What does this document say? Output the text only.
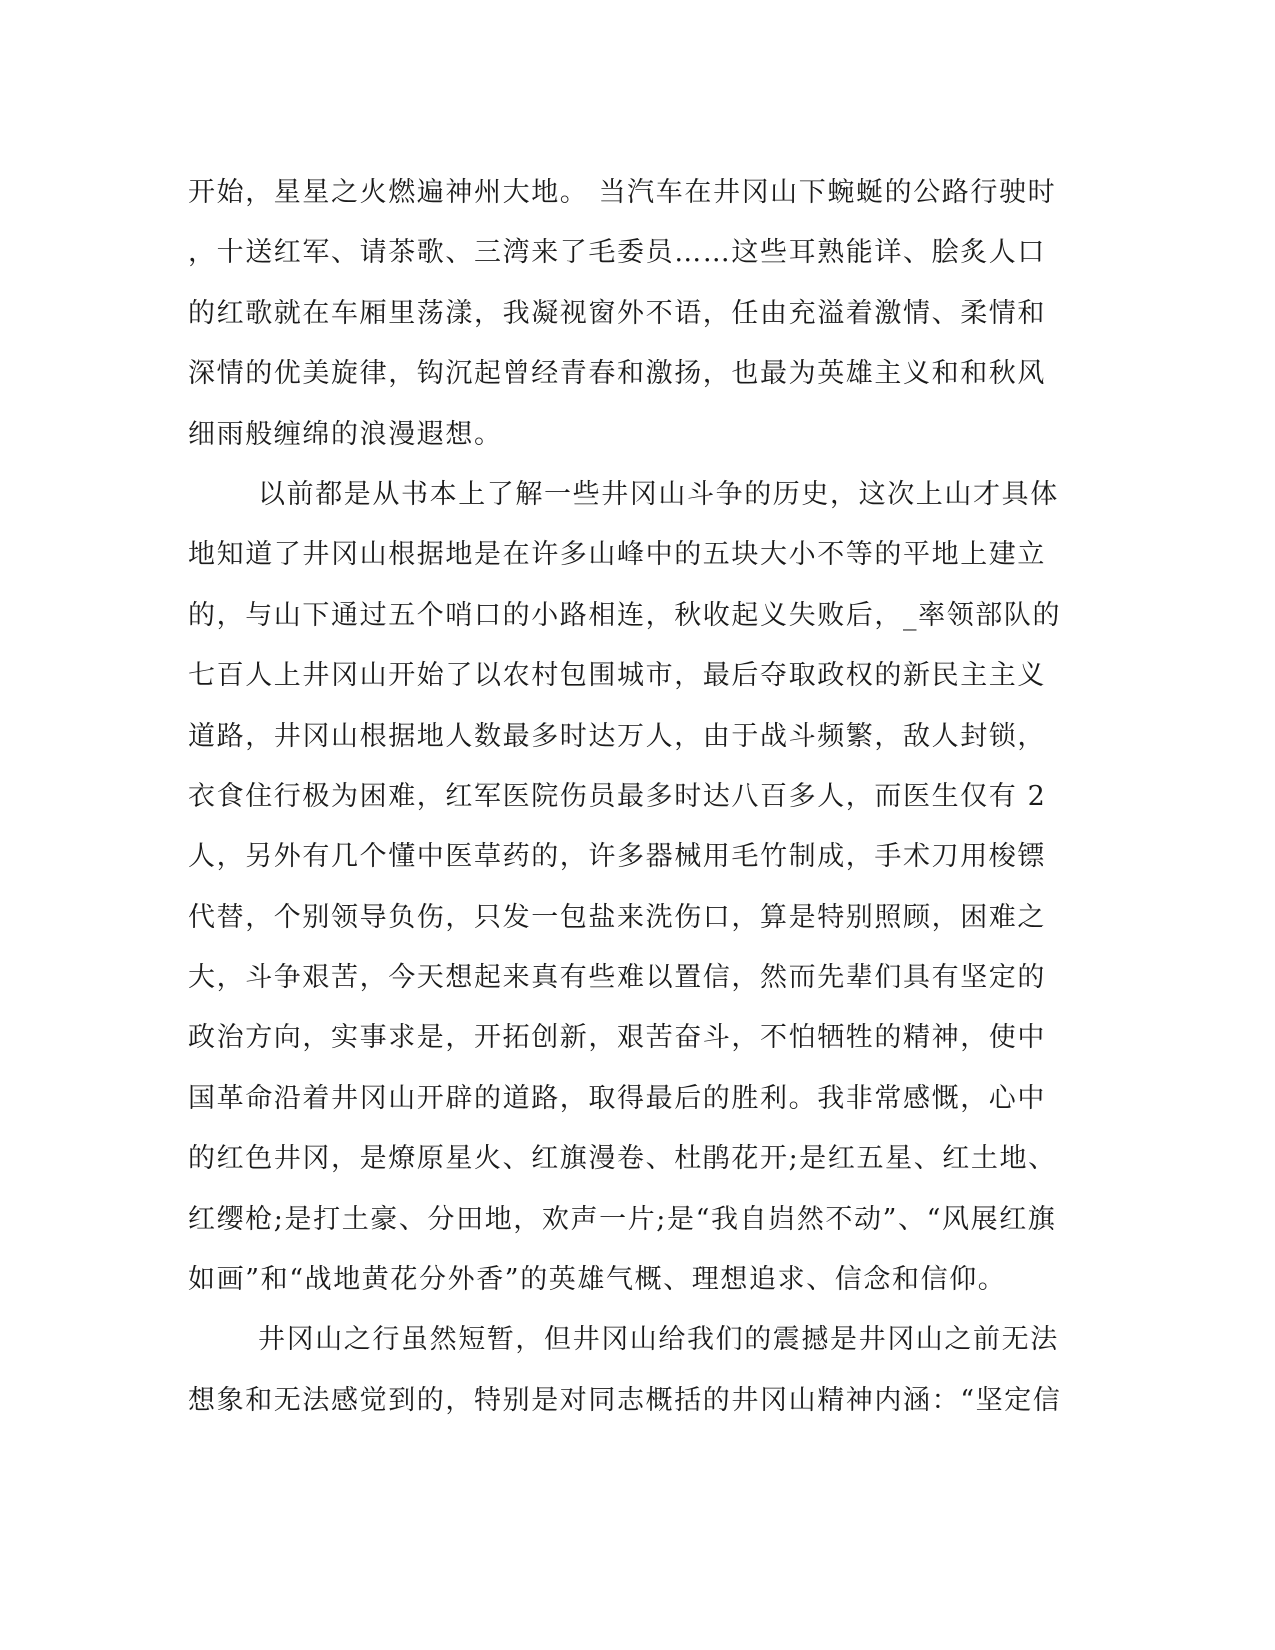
开始，星星之火燃遍神州大地。 当汽车在井冈山下蜿蜒的公路行驶时
，十送红军、请茶歌、三湾来了毛委员……这些耳熟能详、脍炙人口
的红歌就在车厢里荡漾，我凝视窗外不语，任由充溢着激情、柔情和
深情的优美旋律，钩沉起曾经青春和激扬，也最为英雄主义和和秋风
细雨般缠绵的浪漫遐想。
以前都是从书本上了解一些井冈山斗争的历史，这次上山才具体
地知道了井冈山根据地是在许多山峰中的五块大小不等的平地上建立
的，与山下通过五个哨口的小路相连，秋收起义失败后，_率领部队的
七百人上井冈山开始了以农村包围城市，最后夺取政权的新民主主义
道路，井冈山根据地人数最多时达万人，由于战斗频繁，敌人封锁，
衣食住行极为困难，红军医院伤员最多时达八百多人，而医生仅有 2
人，另外有几个懂中医草药的，许多器械用毛竹制成，手术刀用梭镖
代替，个别领导负伤，只发一包盐来洗伤口，算是特别照顾，困难之
大，斗争艰苦，今天想起来真有些难以置信，然而先辈们具有坚定的
政治方向，实事求是，开拓创新，艰苦奋斗，不怕牺牲的精神，使中
国革命沿着井冈山开辟的道路，取得最后的胜利。我非常感慨，心中
的红色井冈，是燎原星火、红旗漫卷、杜鹃花开;是红五星、红土地、
红缨枪;是打土豪、分田地，欢声一片;是“我自岿然不动”、“风展红旗
如画”和“战地黄花分外香”的英雄气概、理想追求、信念和信仰。
井冈山之行虽然短暂，但井冈山给我们的震撼是井冈山之前无法
想象和无法感觉到的，特别是对同志概括的井冈山精神内涵：“坚定信
